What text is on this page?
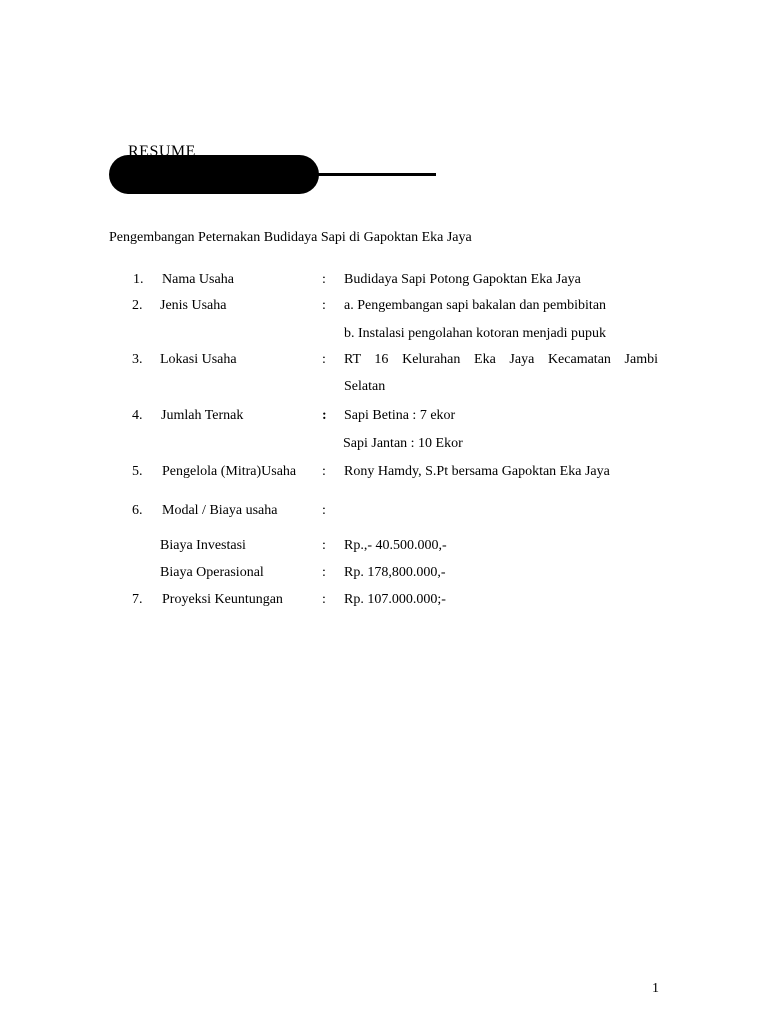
RESUME
Pengembangan Peternakan Budidaya Sapi di Gapoktan Eka Jaya
1. Nama Usaha	: Budidaya Sapi Potong Gapoktan Eka Jaya
2. Jenis Usaha	: a. Pengembangan sapi bakalan dan pembibitan
b. Instalasi pengolahan kotoran menjadi pupuk
3. Lokasi Usaha	: RT 16 Kelurahan Eka Jaya Kecamatan Jambi
Selatan
4. Jumlah Ternak	: Sapi Betina : 7 ekor
Sapi Jantan : 10 Ekor
5. Pengelola (Mitra)Usaha : Rony Hamdy, S.Pt bersama Gapoktan Eka Jaya
6. Modal / Biaya usaha	:
Biaya Investasi	: Rp.,- 40.500.000,-
Biaya Operasional	: Rp. 178,800.000,-
7. Proyeksi Keuntungan	: Rp. 107.000.000;-
1
